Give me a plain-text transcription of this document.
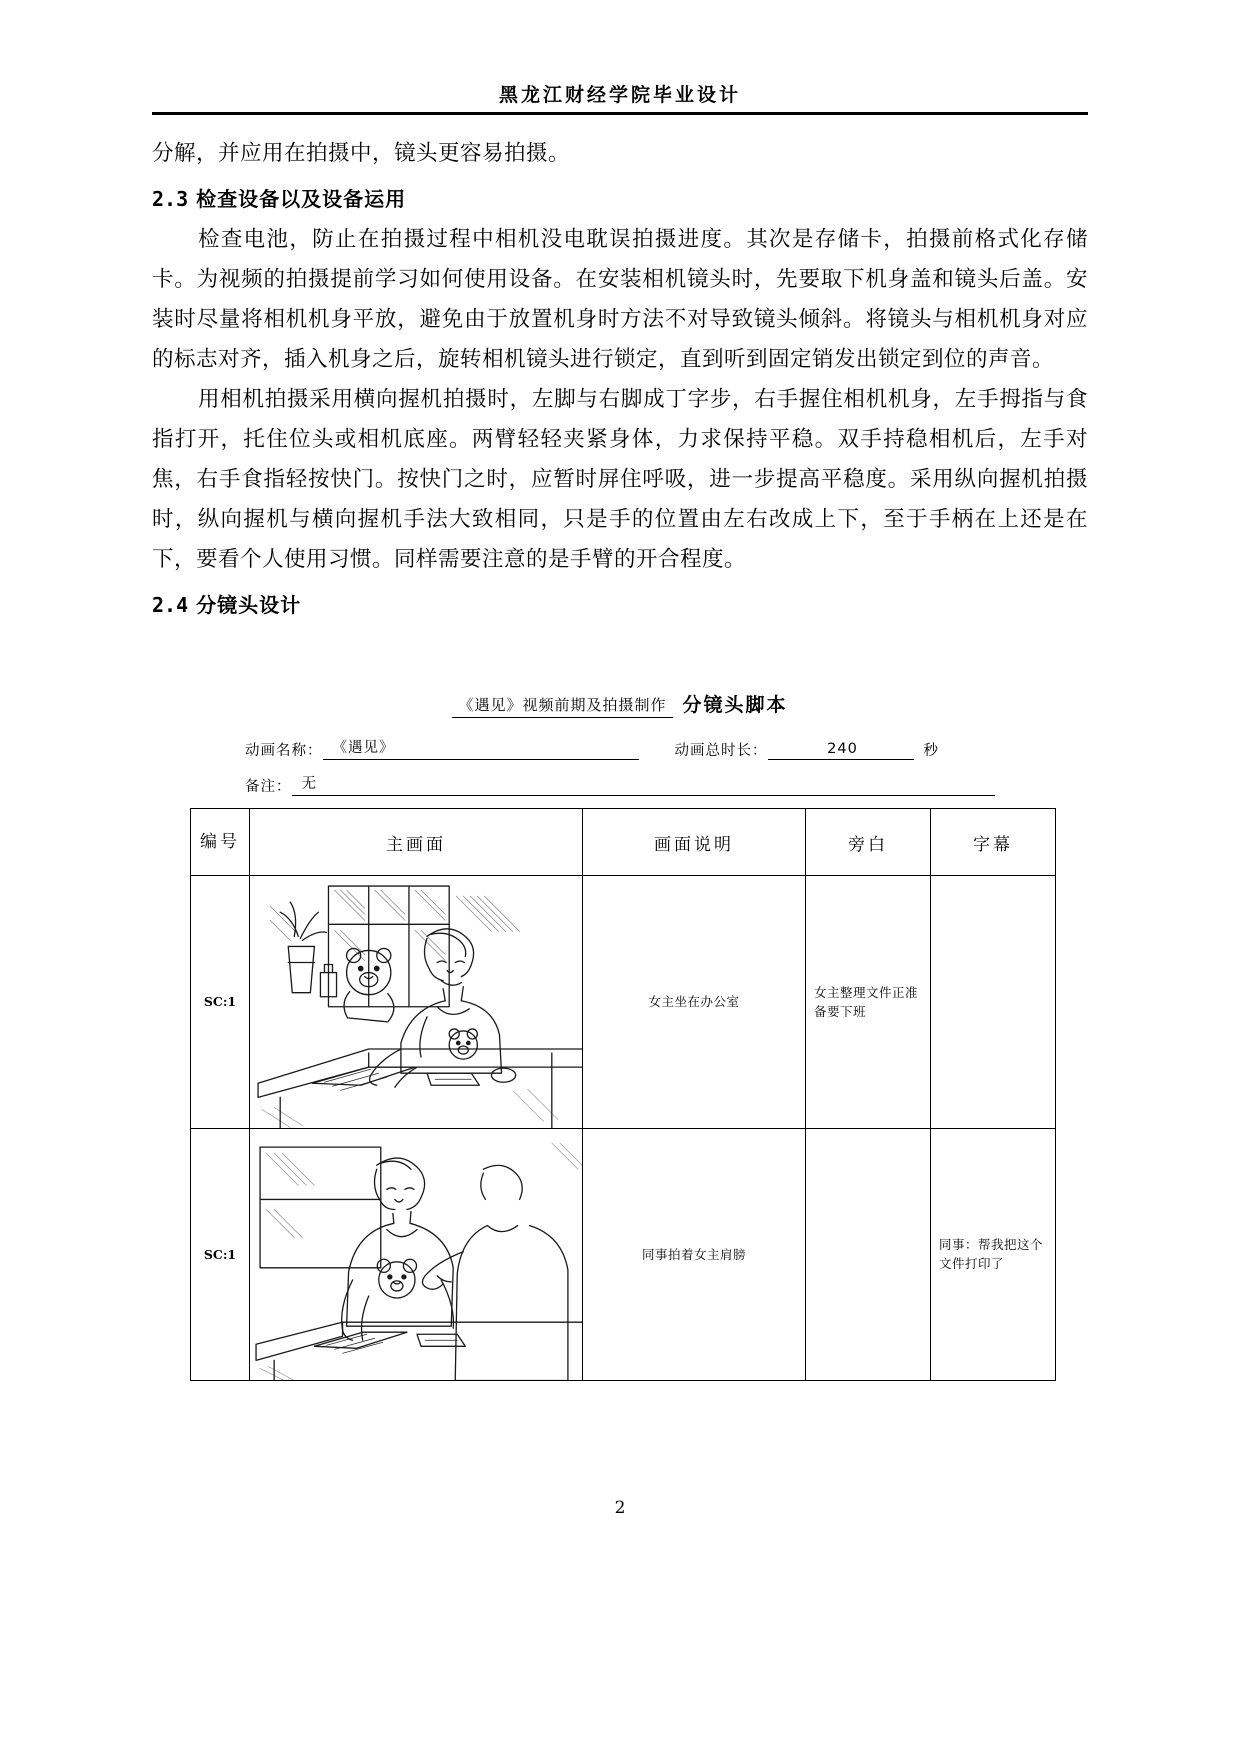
黑龙江财经学院毕业设计

分解，并应用在拍摄中，镜头更容易拍摄。

2.3 检查设备以及设备运用

检查电池，防止在拍摄过程中相机没电耽误拍摄进度。其次是存储卡，拍摄前格式化存储卡。为视频的拍摄提前学习如何使用设备。在安装相机镜头时，先要取下机身盖和镜头后盖。安装时尽量将相机机身平放，避免由于放置机身时方法不对导致镜头倾斜。将镜头与相机机身对应的标志对齐，插入机身之后，旋转相机镜头进行锁定，直到听到固定销发出锁定到位的声音。

用相机拍摄采用横向握机拍摄时，左脚与右脚成丁字步，右手握住相机机身，左手拇指与食指打开，托住位头或相机底座。两臂轻轻夹紧身体，力求保持平稳。双手持稳相机后，左手对焦，右手食指轻按快门。按快门之时，应暂时屏住呼吸，进一步提高平稳度。采用纵向握机拍摄时，纵向握机与横向握机手法大致相同，只是手的位置由左右改成上下，至于手柄在上还是在下，要看个人使用习惯。同样需要注意的是手臂的开合程度。

2.4 分镜头设计
《遇见》视频前期及拍摄制作 分镜头脚本
动画名称： 《遇见》	动画总时长：	240	秒
备注： 无
编号	主画面	画面说明	旁白	字幕
SC:1		女主坐在办公室	女主整理文件正准备要下班	
SC:1		同事拍着女主肩膀		同事：帮我把这个文件打印了
2
